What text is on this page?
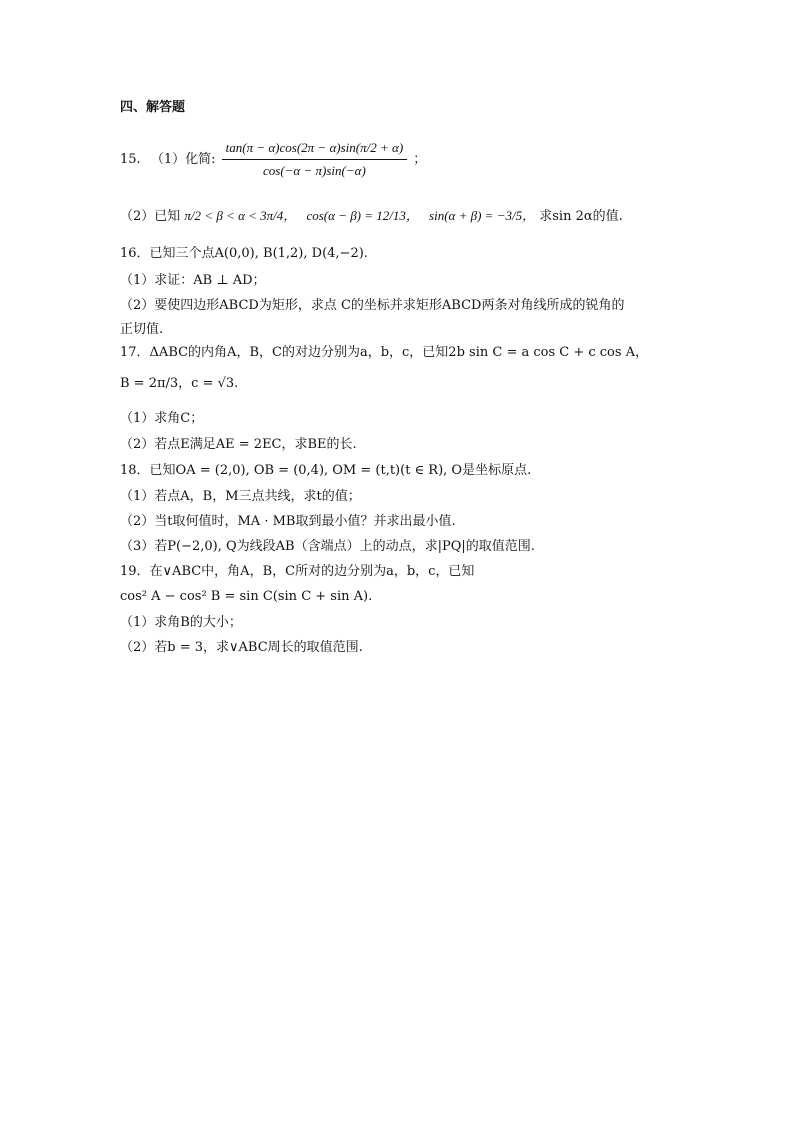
四、解答题
15. （1）化简: $\frac{\tan(\pi - \alpha)\cos(2\pi - \alpha)\sin(\pi/2 + \alpha)}{\cos(-\alpha - \pi)\sin(-\alpha)}$ ；
（2）已知 π/2 < β < α < 3π/4， cos(α − β) = 12/13， sin(α + β) = −3/5， 求sin 2α的值.
16．已知三个点A(0,0), B(1,2), D(4,−2).
（1）求证：AB ⊥ AD；
（2）要使四边形ABCD为矩形，求点 C的坐标并求矩形ABCD两条对角线所成的锐角的
正切值.
17．ΔABC的内角A，B，C的对边分别为a，b，c，已知2b sin C = a cos C + c cos A，
B = 2π/3，c = √3.
（1）求角C；
（2）若点E满足AE = 2EC，求BE的长.
18．已知OA = (2,0), OB = (0,4), OM = (t,t)(t ∈ R), O是坐标原点.
（1）若点A，B，M三点共线，求t的值；
（2）当t取何值时，MA · MB取到最小值？并求出最小值.
（3）若P(−2,0), Q为线段AB（含端点）上的动点，求|PQ|的取值范围.
19．在∨ABC中，角A，B，C所对的边分别为a，b，c，已知
cos² A − cos² B = sin C(sin C + sin A).
（1）求角B的大小；
（2）若b = 3，求∨ABC周长的取值范围.
